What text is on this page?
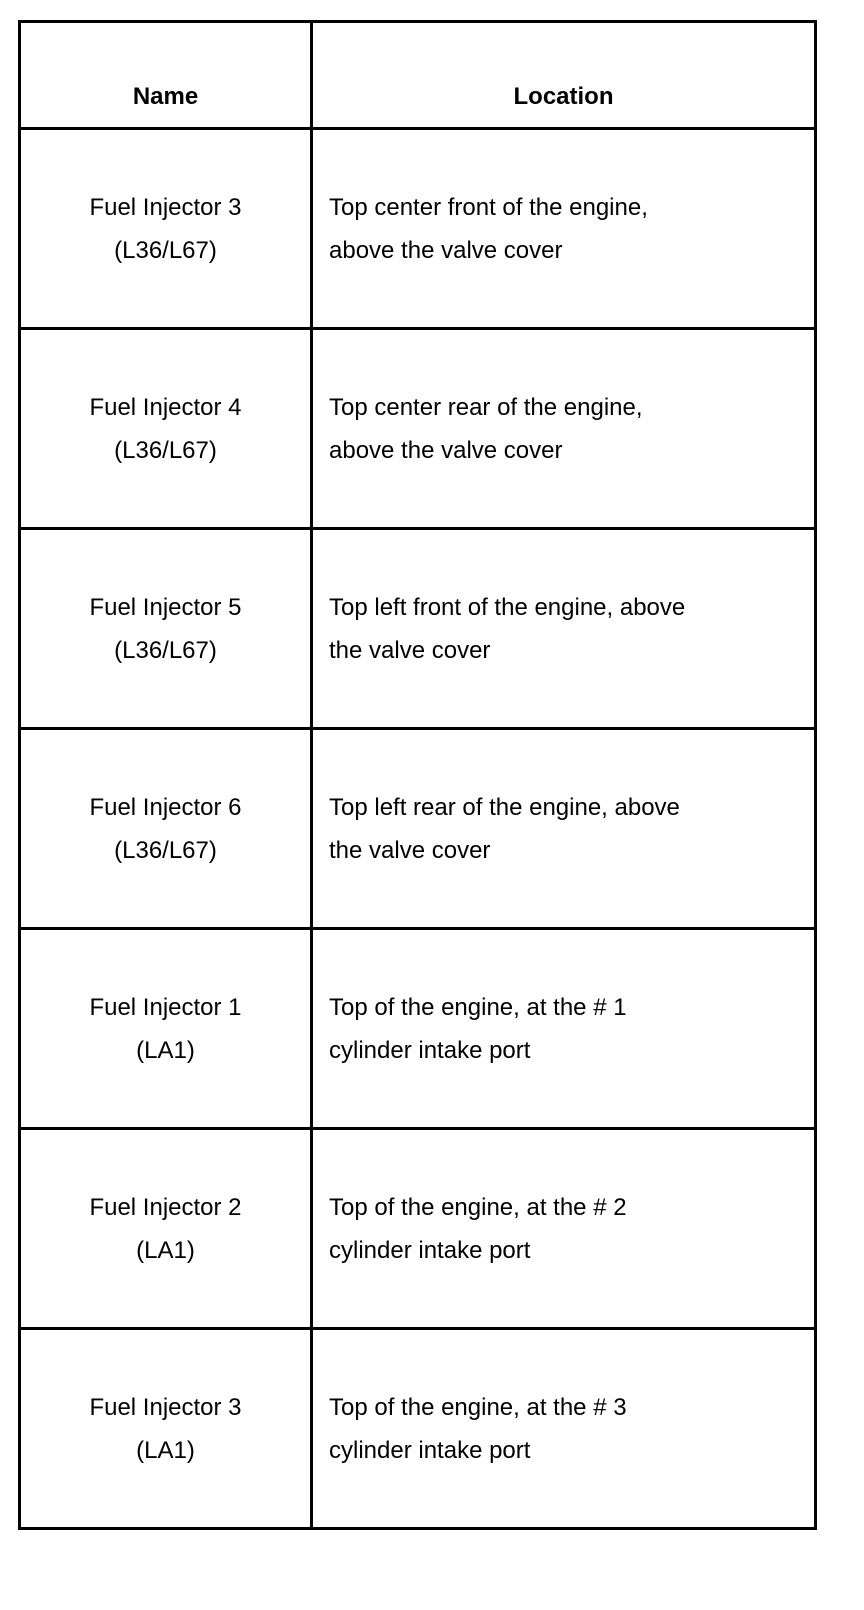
Name	Location

Fuel Injector 3
(L36/L67)	Top center front of the engine,
above the valve cover

Fuel Injector 4
(L36/L67)	Top center rear of the engine,
above the valve cover

Fuel Injector 5
(L36/L67)	Top left front of the engine, above
the valve cover

Fuel Injector 6
(L36/L67)	Top left rear of the engine, above
the valve cover

Fuel Injector 1
(LA1)	Top of the engine, at the # 1
cylinder intake port

Fuel Injector 2
(LA1)	Top of the engine, at the # 2
cylinder intake port

Fuel Injector 3
(LA1)	Top of the engine, at the # 3
cylinder intake port
